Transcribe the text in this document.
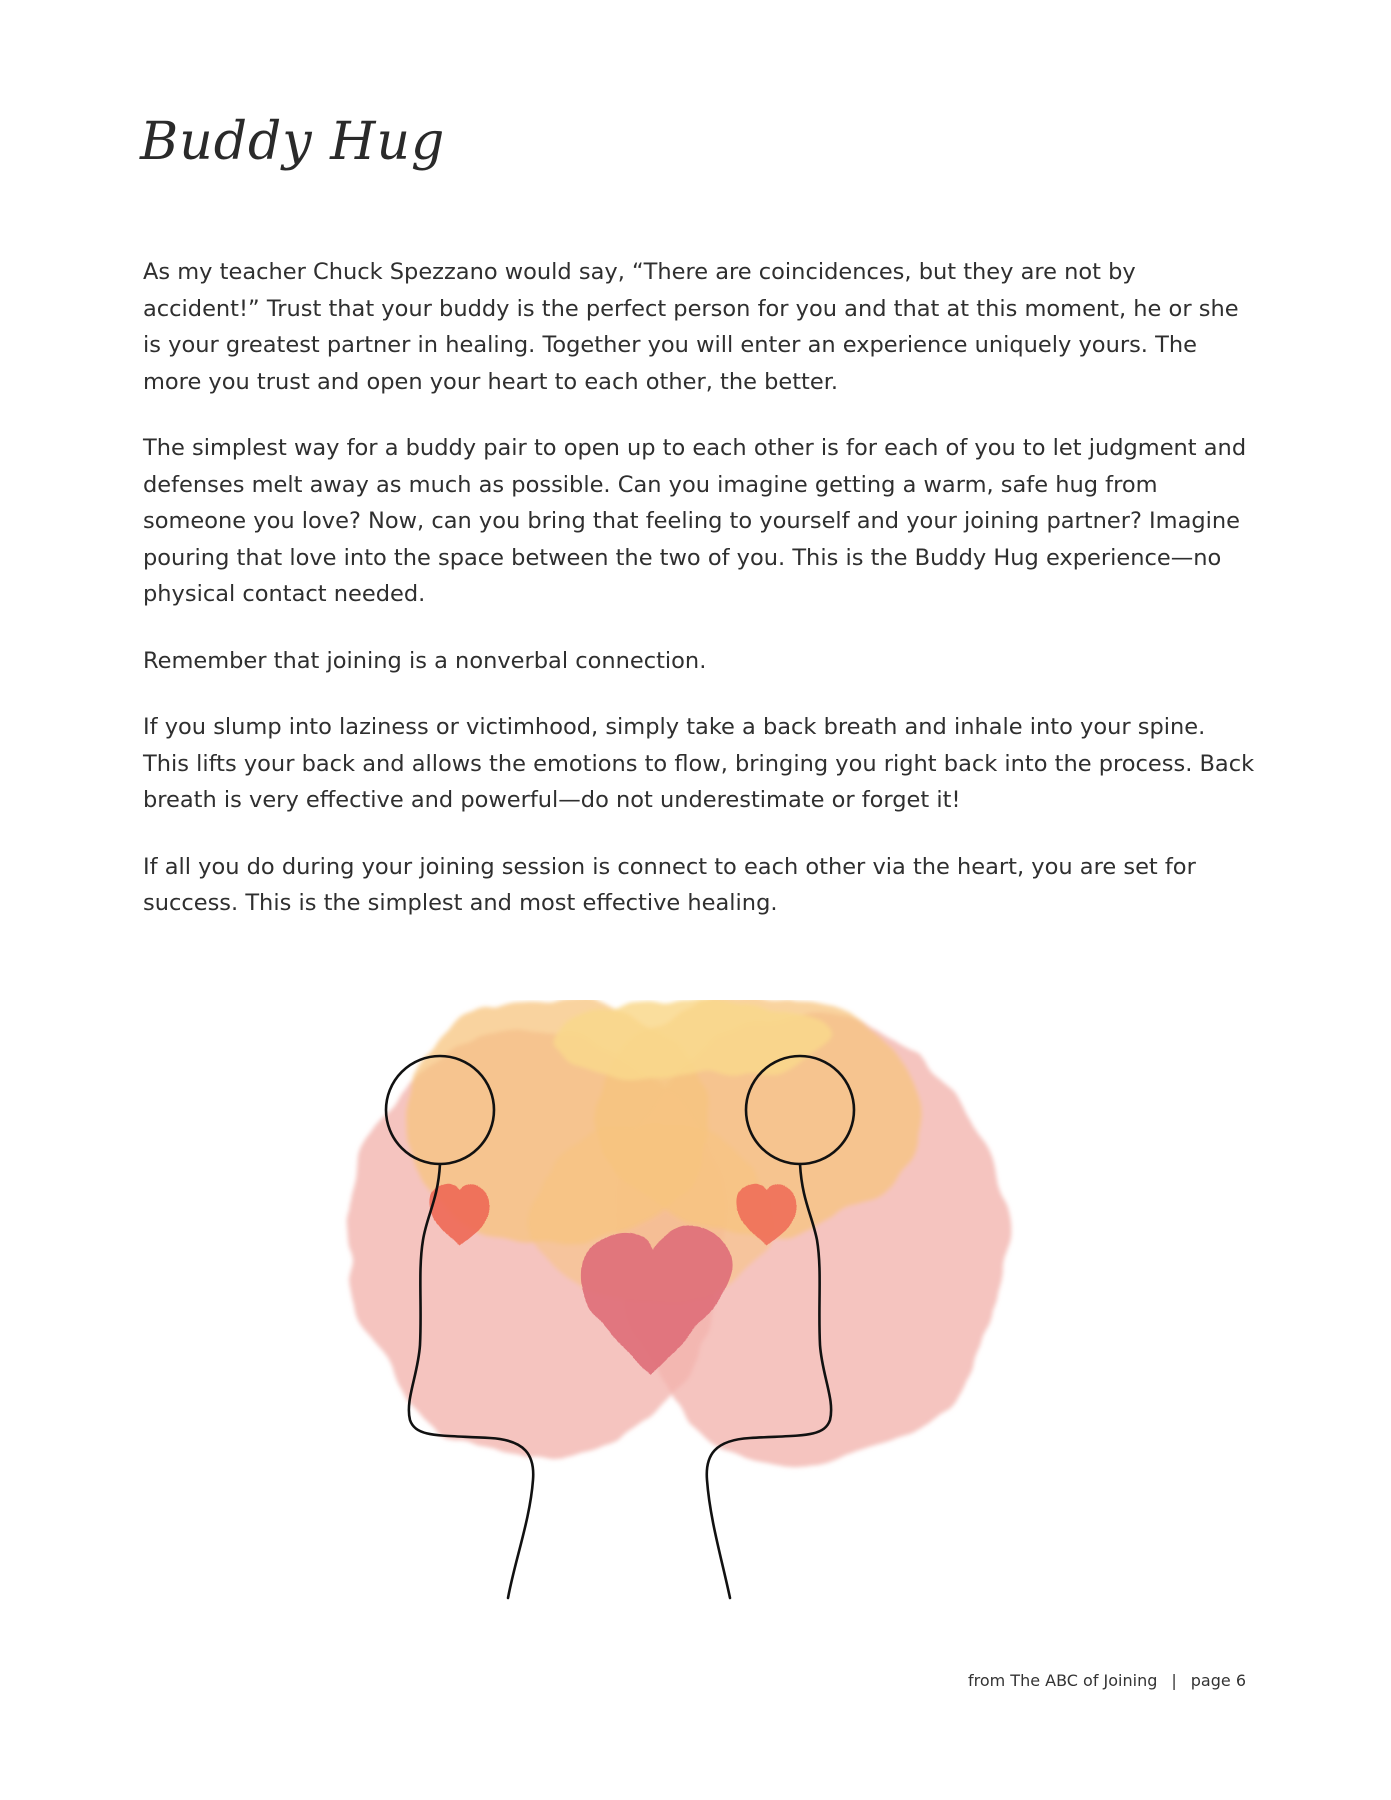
Buddy Hug

As my teacher Chuck Spezzano would say, “There are coincidences, but they are not by accident!” Trust that your buddy is the perfect person for you and that at this moment, he or she is your greatest partner in healing. Together you will enter an experience uniquely yours. The more you trust and open your heart to each other, the better.

The simplest way for a buddy pair to open up to each other is for each of you to let judgment and defenses melt away as much as possible. Can you imagine getting a warm, safe hug from someone you love? Now, can you bring that feeling to yourself and your joining partner? Imagine pouring that love into the space between the two of you. This is the Buddy Hug experience—no physical contact needed.

Remember that joining is a nonverbal connection.

If you slump into laziness or victimhood, simply take a back breath and inhale into your spine. This lifts your back and allows the emotions to flow, bringing you right back into the process. Back breath is very effective and powerful—do not underestimate or forget it!

If all you do during your joining session is connect to each other via the heart, you are set for success. This is the simplest and most effective healing.

from The ABC of Joining | page 6
